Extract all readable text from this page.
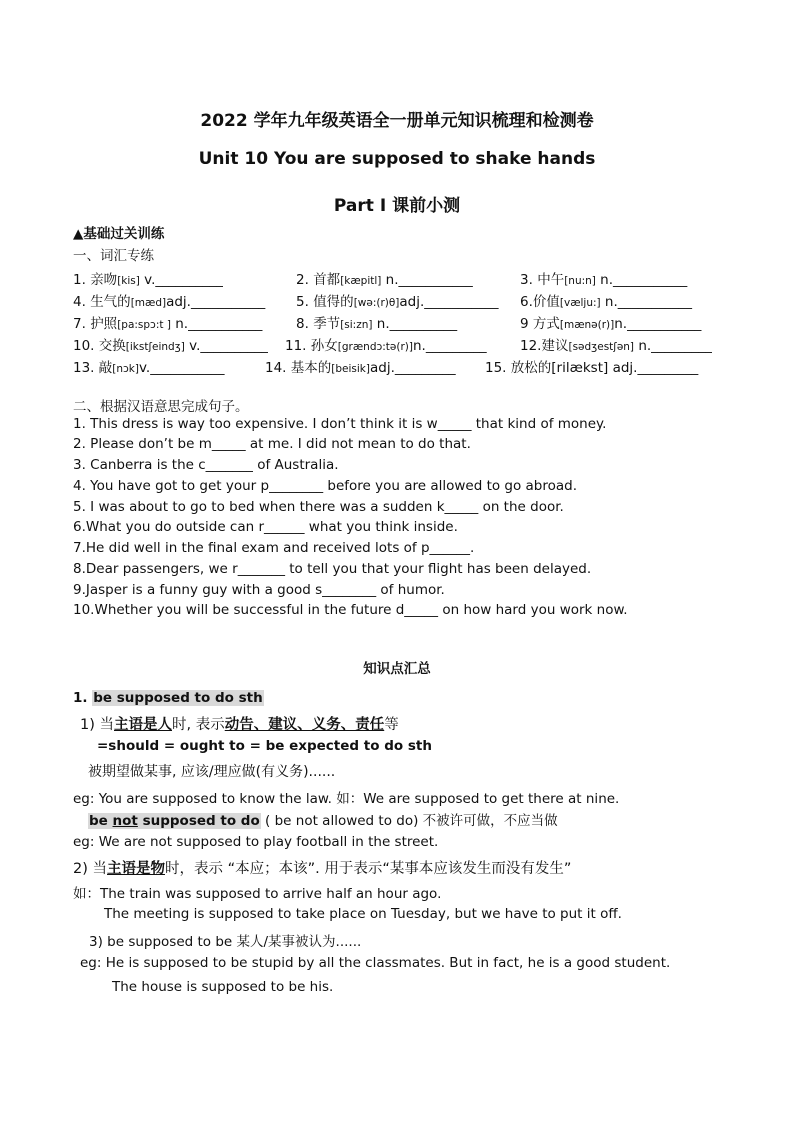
2022 学年九年级英语全一册单元知识梳理和检测卷
Unit 10 You are supposed to shake hands
Part I 课前小测
▲基础过关训练
一、词汇专练
1. 亲吻[kis] v.__________	2. 首都[kæpitl] n.___________	3. 中午[nu:n] n.___________
4. 生气的[mæd]adj.___________ 5. 值得的[wə:(r)θ]adj.___________ 6.价值[vælju:] n.___________
7. 护照[pa:spɔ:t ] n.___________ 8. 季节[si:zn] n.__________	9 方式[mænə(r)]n.___________
10. 交换[ikstʃeindʒ] v.__________ 11. 孙女[grændɔ:tə(r)]n._________ 12.建议[sədʒestʃən] n._________
13. 敲[nɔk]v.___________	14. 基本的[beisik]adj._________ 15. 放松的[rilækst] adj._________
二、根据汉语意思完成句子。
1. This dress is way too expensive. I don’t think it is w_____ that kind of money.
2. Please don’t be m_____ at me. I did not mean to do that.
3. Canberra is the c_______ of Australia.
4. You have got to get your p________ before you are allowed to go abroad.
5. I was about to go to bed when there was a sudden k_____ on the door.
6.What you do outside can r______ what you think inside.
7.He did well in the final exam and received lots of p______.
8.Dear passengers, we r_______ to tell you that your flight has been delayed.
9.Jasper is a funny guy with a good s________ of humor.
10.Whether you will be successful in the future d_____ on how hard you work now.
知识点汇总
1. be supposed to do sth
1) 当主语是人时, 表示动告、建议、义务、责任等
=should = ought to = be expected to do sth
被期望做某事, 应该/理应做(有义务)......
eg: You are supposed to know the law. 如：We are supposed to get there at nine.
be not supposed to do ( be not allowed to do) 不被许可做，不应当做
eg: We are not supposed to play football in the street.
2) 当主语是物时，表示 “本应；本该”. 用于表示“某事本应该发生而没有发生”
如：The train was supposed to arrive half an hour ago.
The meeting is supposed to take place on Tuesday, but we have to put it off.
3) be supposed to be 某人/某事被认为......
eg: He is supposed to be stupid by all the classmates. But in fact, he is a good student.
The house is supposed to be his.
